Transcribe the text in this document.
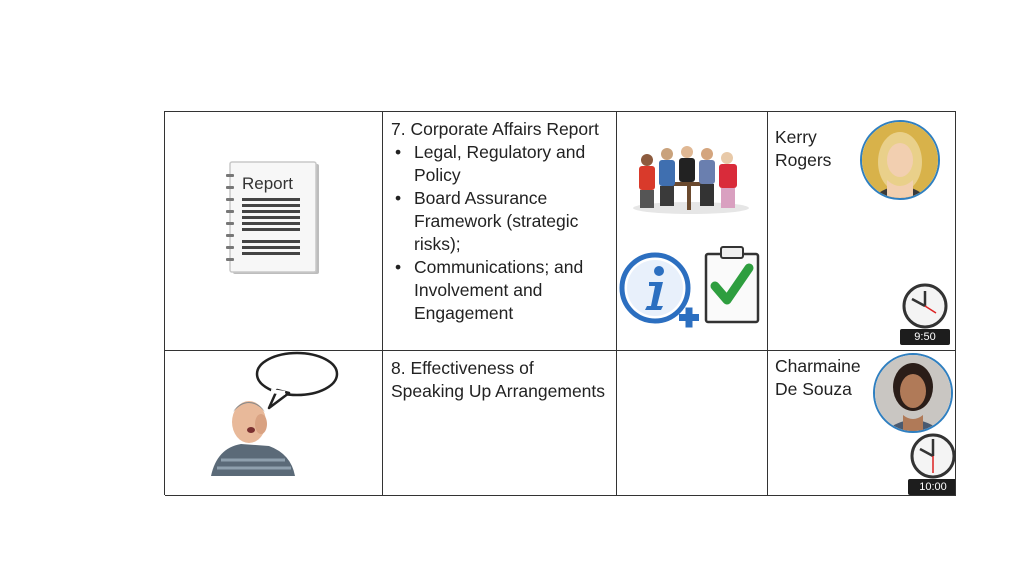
Report
7. Corporate Affairs Report
• Legal, Regulatory and Policy
• Board Assurance Framework (strategic risks);
• Communications; and Involvement and Engagement
Kerry Rogers
9:50
8. Effectiveness of Speaking Up Arrangements
Charmaine De Souza
10:00
